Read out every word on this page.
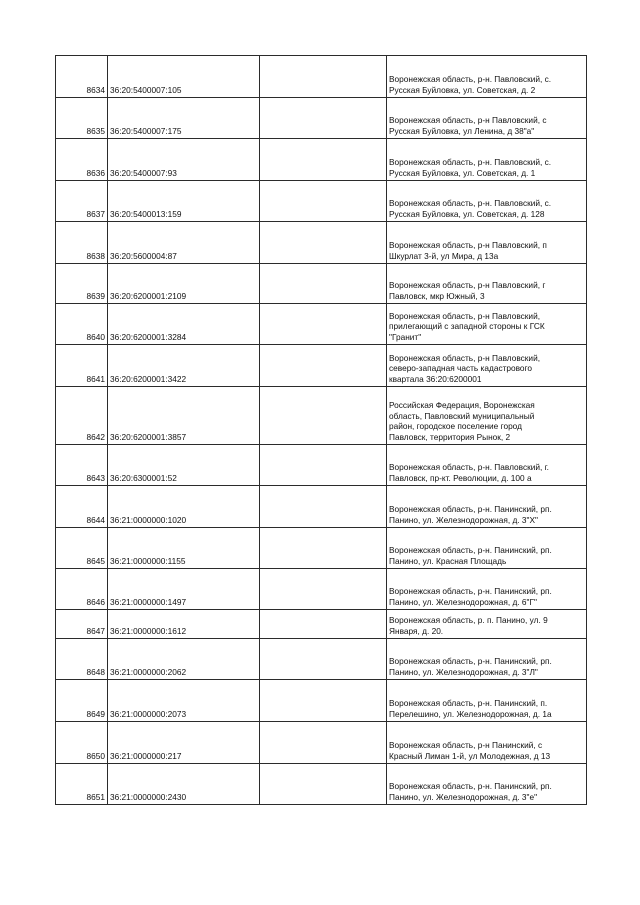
8634	36:20:5400007:105		Воронежская область, р-н. Павловский, с.
Русская Буйловка, ул. Советская, д. 2
8635	36:20:5400007:175		Воронежская область, р-н Павловский, с
Русская Буйловка, ул Ленина, д 38"а"
8636	36:20:5400007:93		Воронежская область, р-н. Павловский, с.
Русская Буйловка, ул. Советская, д. 1
8637	36:20:5400013:159		Воронежская область, р-н. Павловский, с.
Русская Буйловка, ул. Советская, д. 128
8638	36:20:5600004:87		Воронежская область, р-н Павловский, п
Шкурлат 3-й, ул Мира, д 13а
8639	36:20:6200001:2109		Воронежская область, р-н Павловский, г
Павловск, мкр Южный, 3
8640	36:20:6200001:3284		Воронежская область, р-н Павловский,
прилегающий с западной стороны к ГСК
"Гранит"
8641	36:20:6200001:3422		Воронежская область, р-н Павловский,
северо-западная часть кадастрового
квартала 36:20:6200001
8642	36:20:6200001:3857		Российская Федерация, Воронежская
область, Павловский муниципальный
район, городское поселение город
Павловск, территория Рынок, 2
8643	36:20:6300001:52		Воронежская область, р-н. Павловский, г.
Павловск, пр-кт. Революции, д. 100 а
8644	36:21:0000000:1020		Воронежская область, р-н. Панинский, рп.
Панино, ул. Железнодорожная, д. 3"Х"
8645	36:21:0000000:1155		Воронежская область, р-н. Панинский, рп.
Панино, ул. Красная Площадь
8646	36:21:0000000:1497		Воронежская область, р-н. Панинский, рп.
Панино, ул. Железнодорожная, д. 6"Г"
8647	36:21:0000000:1612		Воронежская область, р. п. Панино, ул. 9
Января, д. 20.
8648	36:21:0000000:2062		Воронежская область, р-н. Панинский, рп.
Панино, ул. Железнодорожная, д. 3"Л"
8649	36:21:0000000:2073		Воронежская область, р-н. Панинский, п.
Перелешино, ул. Железнодорожная, д. 1а
8650	36:21:0000000:217		Воронежская область, р-н Панинский, с
Красный Лиман 1-й, ул Молодежная, д 13
8651	36:21:0000000:2430		Воронежская область, р-н. Панинский, рп.
Панино, ул. Железнодорожная, д. 3"е"
